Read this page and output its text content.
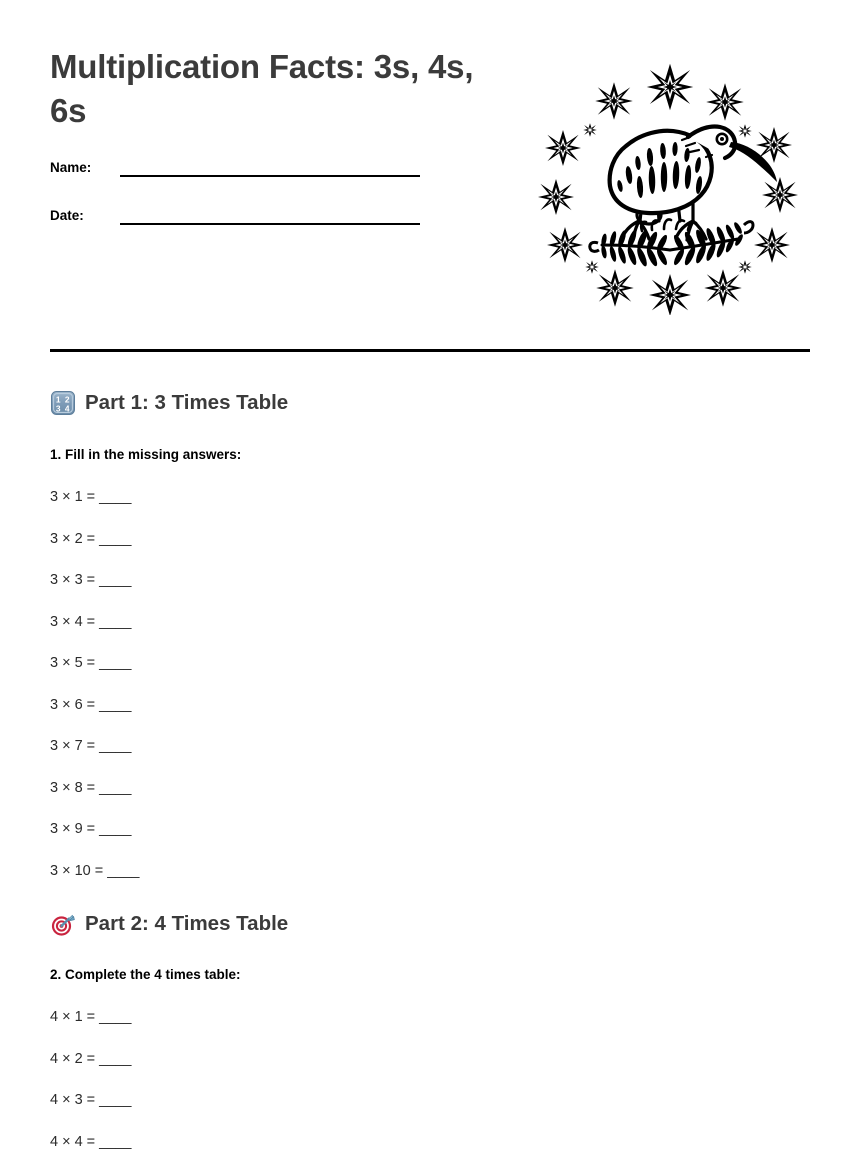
Multiplication Facts: 3s, 4s, 6s
Name:
Date:
1 2
3 4 Part 1: 3 Times Table
1. Fill in the missing answers:
3 × 1 = ____
3 × 2 = ____
3 × 3 = ____
3 × 4 = ____
3 × 5 = ____
3 × 6 = ____
3 × 7 = ____
3 × 8 = ____
3 × 9 = ____
3 × 10 = ____
Part 2: 4 Times Table
2. Complete the 4 times table:
4 × 1 = ____
4 × 2 = ____
4 × 3 = ____
4 × 4 = ____
